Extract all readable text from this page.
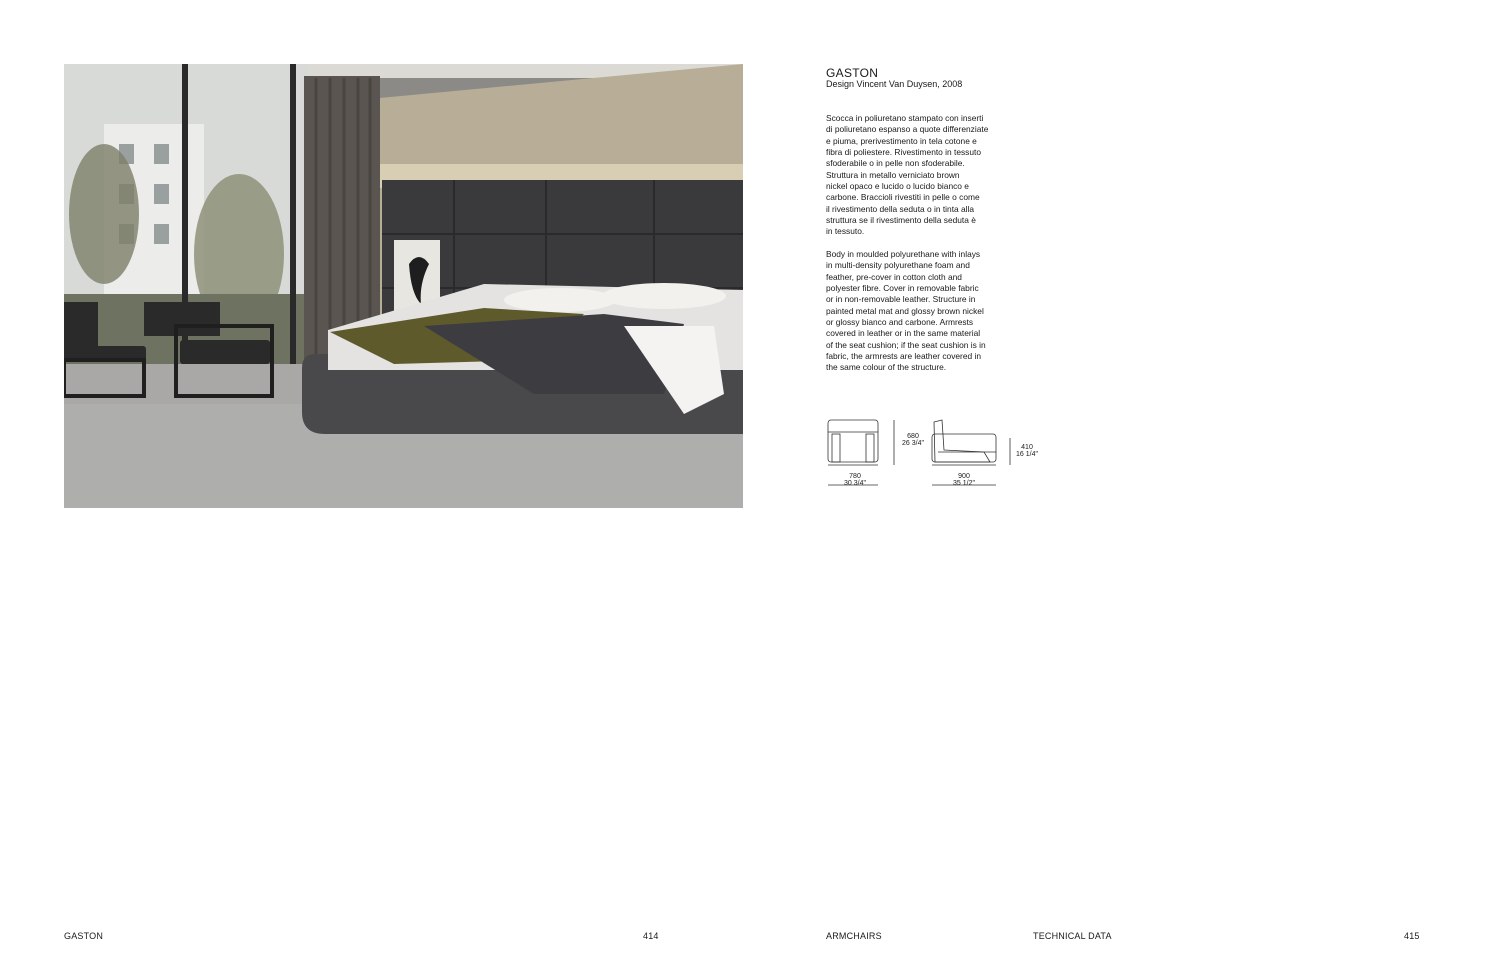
GASTON
Design Vincent Van Duysen, 2008

Scocca in poliuretano stampato con inserti
di poliuretano espanso a quote differenziate
e piuma, prerivestimento in tela cotone e
fibra di poliestere. Rivestimento in tessuto
sfoderabile o in pelle non sfoderabile.
Struttura in metallo verniciato brown
nickel opaco e lucido o lucido bianco e
carbone. Braccioli rivestiti in pelle o come
il rivestimento della seduta o in tinta alla
struttura se il rivestimento della seduta è
in tessuto.

Body in moulded polyurethane with inlays
in multi-density polyurethane foam and
feather, pre-cover in cotton cloth and
polyester fibre. Cover in removable fabric
or in non-removable leather. Structure in
painted metal mat and glossy brown nickel
or glossy bianco and carbone. Armrests
covered in leather or in the same material
of the seat cushion; if the seat cushion is in
fabric, the armrests are leather covered in
the same colour of the structure.

780
30 3/4"
680
26 3/4"
900
35 1/2"
410
16 1/4"
GASTON	414	ARMCHAIRS	TECHNICAL DATA	415
